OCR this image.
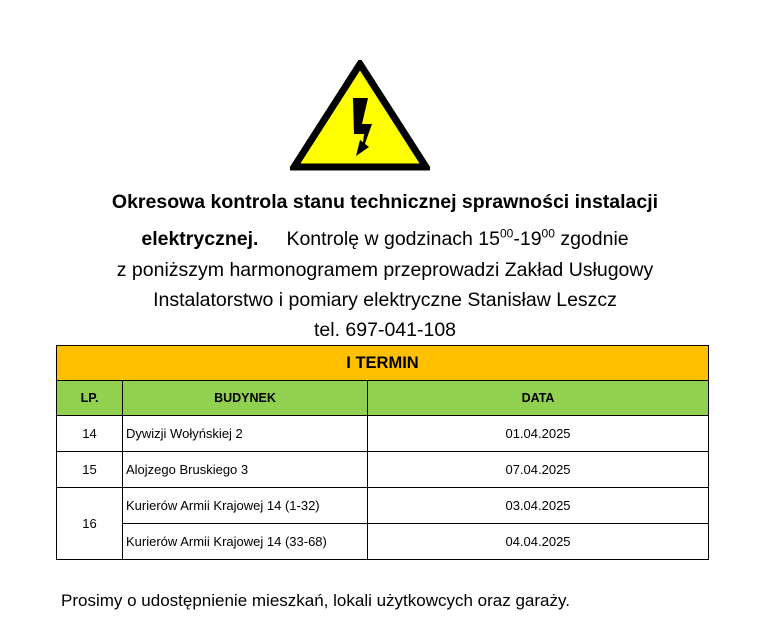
Okresowa kontrola stanu technicznej sprawności instalacji
elektrycznej. Kontrolę w godzinach $15^{00}-19^{00}$ zgodnie
z poniższym harmonogramem przeprowadzi Zakład Usługowy
Instalatorstwo i pomiary elektryczne Stanisław Leszcz
tel. 697-041-108
I TERMIN		
LP.	BUDYNEK	DATA
14	Dywizji Wołyńskiej 2	01.04.2025
15	Alojzego Bruskiego 3	07.04.2025
16	Kurierów Armii Krajowej 14 (1-32)	03.04.2025
	Kurierów Armii Krajowej 14 (33-68)	04.04.2025
Prosimy o udostępnienie mieszkań, lokali użytkowcych oraz garaży.
